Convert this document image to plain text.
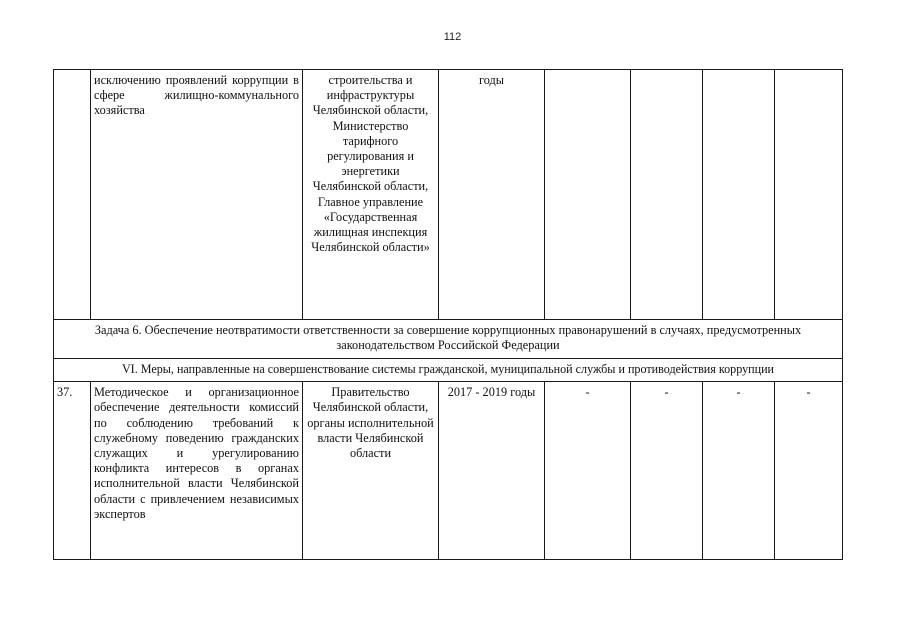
112
	исключению проявлений коррупции в сфере жилищно-коммунального хозяйства	строительства и инфраструктуры Челябинской области, Министерство тарифного регулирования и энергетики Челябинской области, Главное управление «Государственная жилищная инспекция Челябинской области»	годы				
Задача 6. Обеспечение неотвратимости ответственности за совершение коррупционных правонарушений в случаях, предусмотренных законодательством Российской Федерации							
VI. Меры, направленные на совершенствование системы гражданской, муниципальной службы и противодействия коррупции							
37.	Методическое и организационное обеспечение деятельности комиссий по соблюдению требований к служебному поведению гражданских служащих и урегулированию конфликта интересов в органах исполнительной власти Челябинской области с привлечением независимых экспертов	Правительство Челябинской области, органы исполнительной власти Челябинской области	2017 - 2019 годы	-	-	-	-
